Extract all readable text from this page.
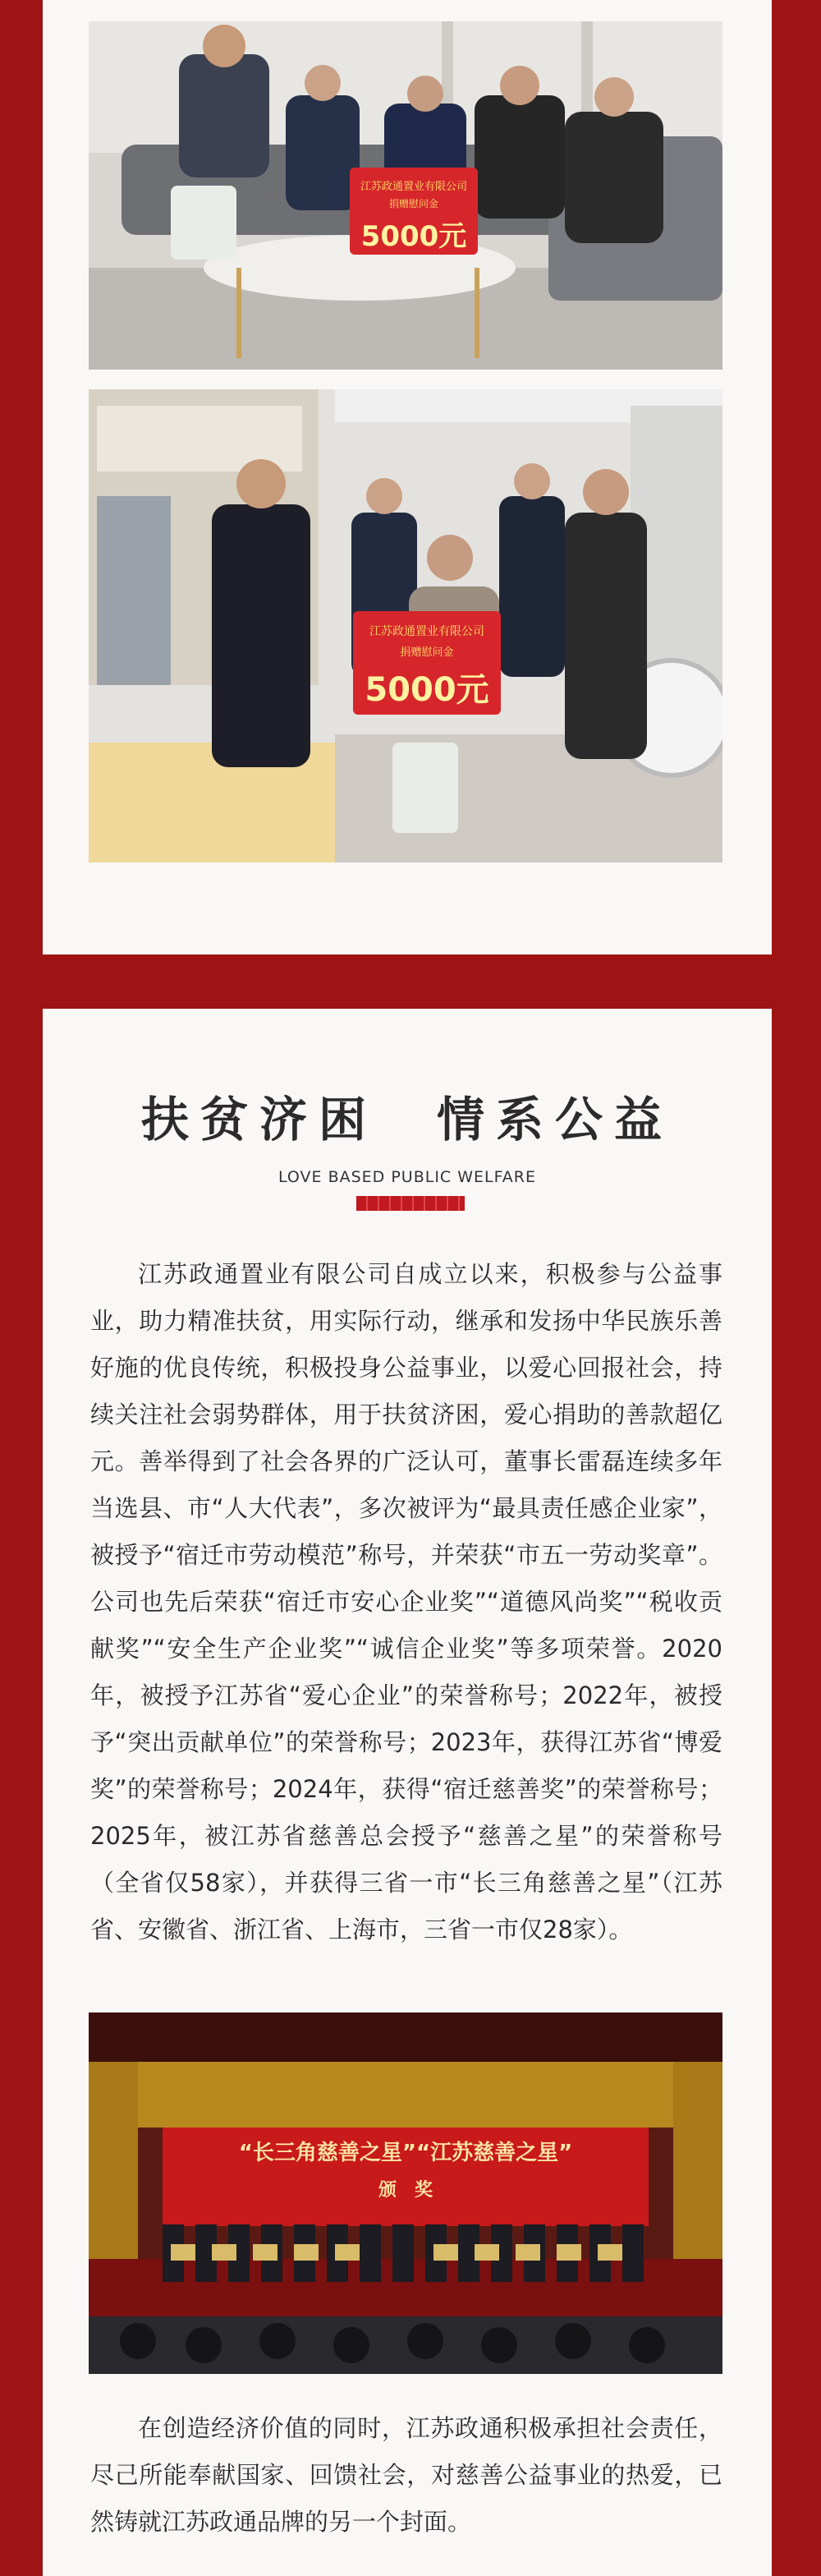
江苏政通置业有限公司
捐赠慰问金
5000元
江苏政通置业有限公司
捐赠慰问金
5000元
扶贫济困　情系公益
LOVE BASED PUBLIC WELFARE

江苏政通置业有限公司自成立以来，积极参与公益事业，助力精准扶贫，用实际行动，继承和发扬中华民族乐善好施的优良传统，积极投身公益事业，以爱心回报社会，持续关注社会弱势群体，用于扶贫济困，爱心捐助的善款超亿元。善举得到了社会各界的广泛认可，董事长雷磊连续多年当选县、市“人大代表”，多次被评为“最具责任感企业家”，被授予“宿迁市劳动模范”称号，并荣获“市五一劳动奖章”。公司也先后荣获“宿迁市安心企业奖”“道德风尚奖”“税收贡献奖”“安全生产企业奖”“诚信企业奖”等多项荣誉。2020年，被授予江苏省“爱心企业”的荣誉称号；2022年，被授予“突出贡献单位”的荣誉称号；2023年，获得江苏省“博爱奖”的荣誉称号；2024年，获得“宿迁慈善奖”的荣誉称号；2025年，被江苏省慈善总会授予“慈善之星”的荣誉称号（全省仅58家），并获得三省一市“长三角慈善之星”（江苏省、安徽省、浙江省、上海市，三省一市仅28家）。

“长三角慈善之星”“江苏慈善之星”
颁　奖

在创造经济价值的同时，江苏政通积极承担社会责任，尽己所能奉献国家、回馈社会，对慈善公益事业的热爱，已然铸就江苏政通品牌的另一个封面。
